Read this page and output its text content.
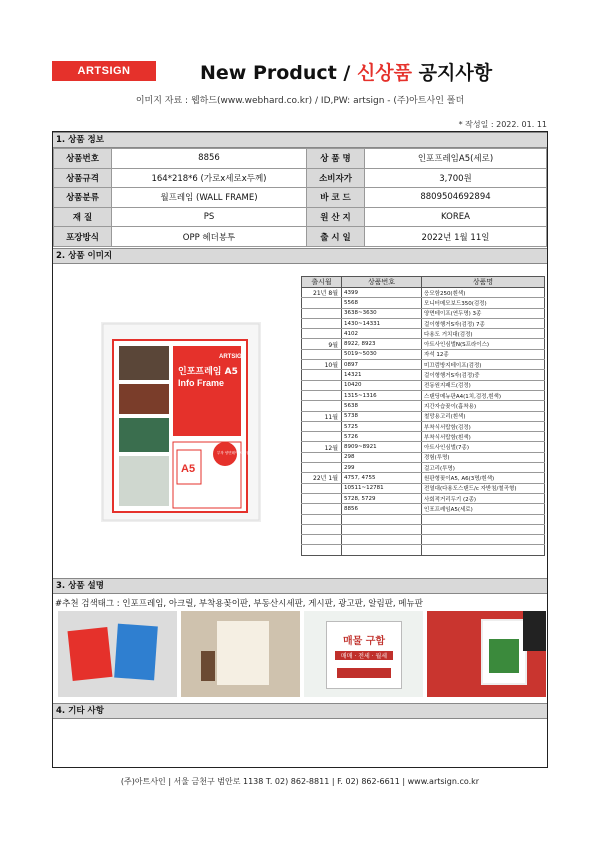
ARTSIGN	New Product / 신상품 공지사항
이미지 자료 : 웹하드(www.webhard.co.kr) / ID,PW: artsign - (주)아트사인 폴더
* 작성일 : 2022. 01. 11
1. 상품 정보
상품번호	8856	상 품 명	인포프레임A5(세로)
상품규격	164*218*6 (가로x세로x두께)	소비자가	3,700원
상품분류	월프레임 (WALL FRAME)	바 코 드	8809504692894
재 질	PS	원 산 지	KOREA
포장방식	OPP 헤더봉투	출 시 일	2022년 1월 11일
2. 상품 이미지
ARTSIGN
인포프레임 A5
Info Frame
A5
부착 양면테이프 포함
출시월	상품번호	상품명
21년 8월	4399	응모함250(흰색)
	5568	모니터메모보드350(검정)
	3638~3630	양면테이프(연두명) 3종
	1430~14331	걸이형행거S자(검정) 7종
	4102	다용도 거치대(검정)
9월	8922, 8923	아트사인심벌N(S프라이스)
	5019~5030	자석 12종
10월	0897	미끄럼방지테이프(검정)
	14321	걸이형행거S자(검정)중
	10420	전동원지패드(검정)
	1315~1316	스탠딩메뉴판A4(1치,검정,흰색)
	5638	지간자습꽂이(흡착용)
11월	5738	철망용고리(흰색)
	5725	부착식서랍함(검정)
	5726	부착식서랍함(흰색)
12월	8909~8921	아트사인심벌(7종)
	298	경험(투명)
	299	걸고리(투명)
22년 1월	4757, 4755	원판형꽂이A5, A6(3명/흰색)
	10511~12781	전열대(다용도스탠드/c 자받침/철곡형)
	5728, 5729	사회적거리두기 (2종)
	8856	인포프레임A5(세로)

3. 상품 설명
#추천 검색태그 : 인포프레임, 아크릴, 부착용꽂이판, 부동산시세판, 게시판, 광고판, 알림판, 메뉴판
매물 구함
매매 · 전세 · 월세
4. 기타 사항
(주)아트사인 | 서울 금천구 범안로 1138 T. 02) 862-8811 | F. 02) 862-6611 | www.artsign.co.kr
